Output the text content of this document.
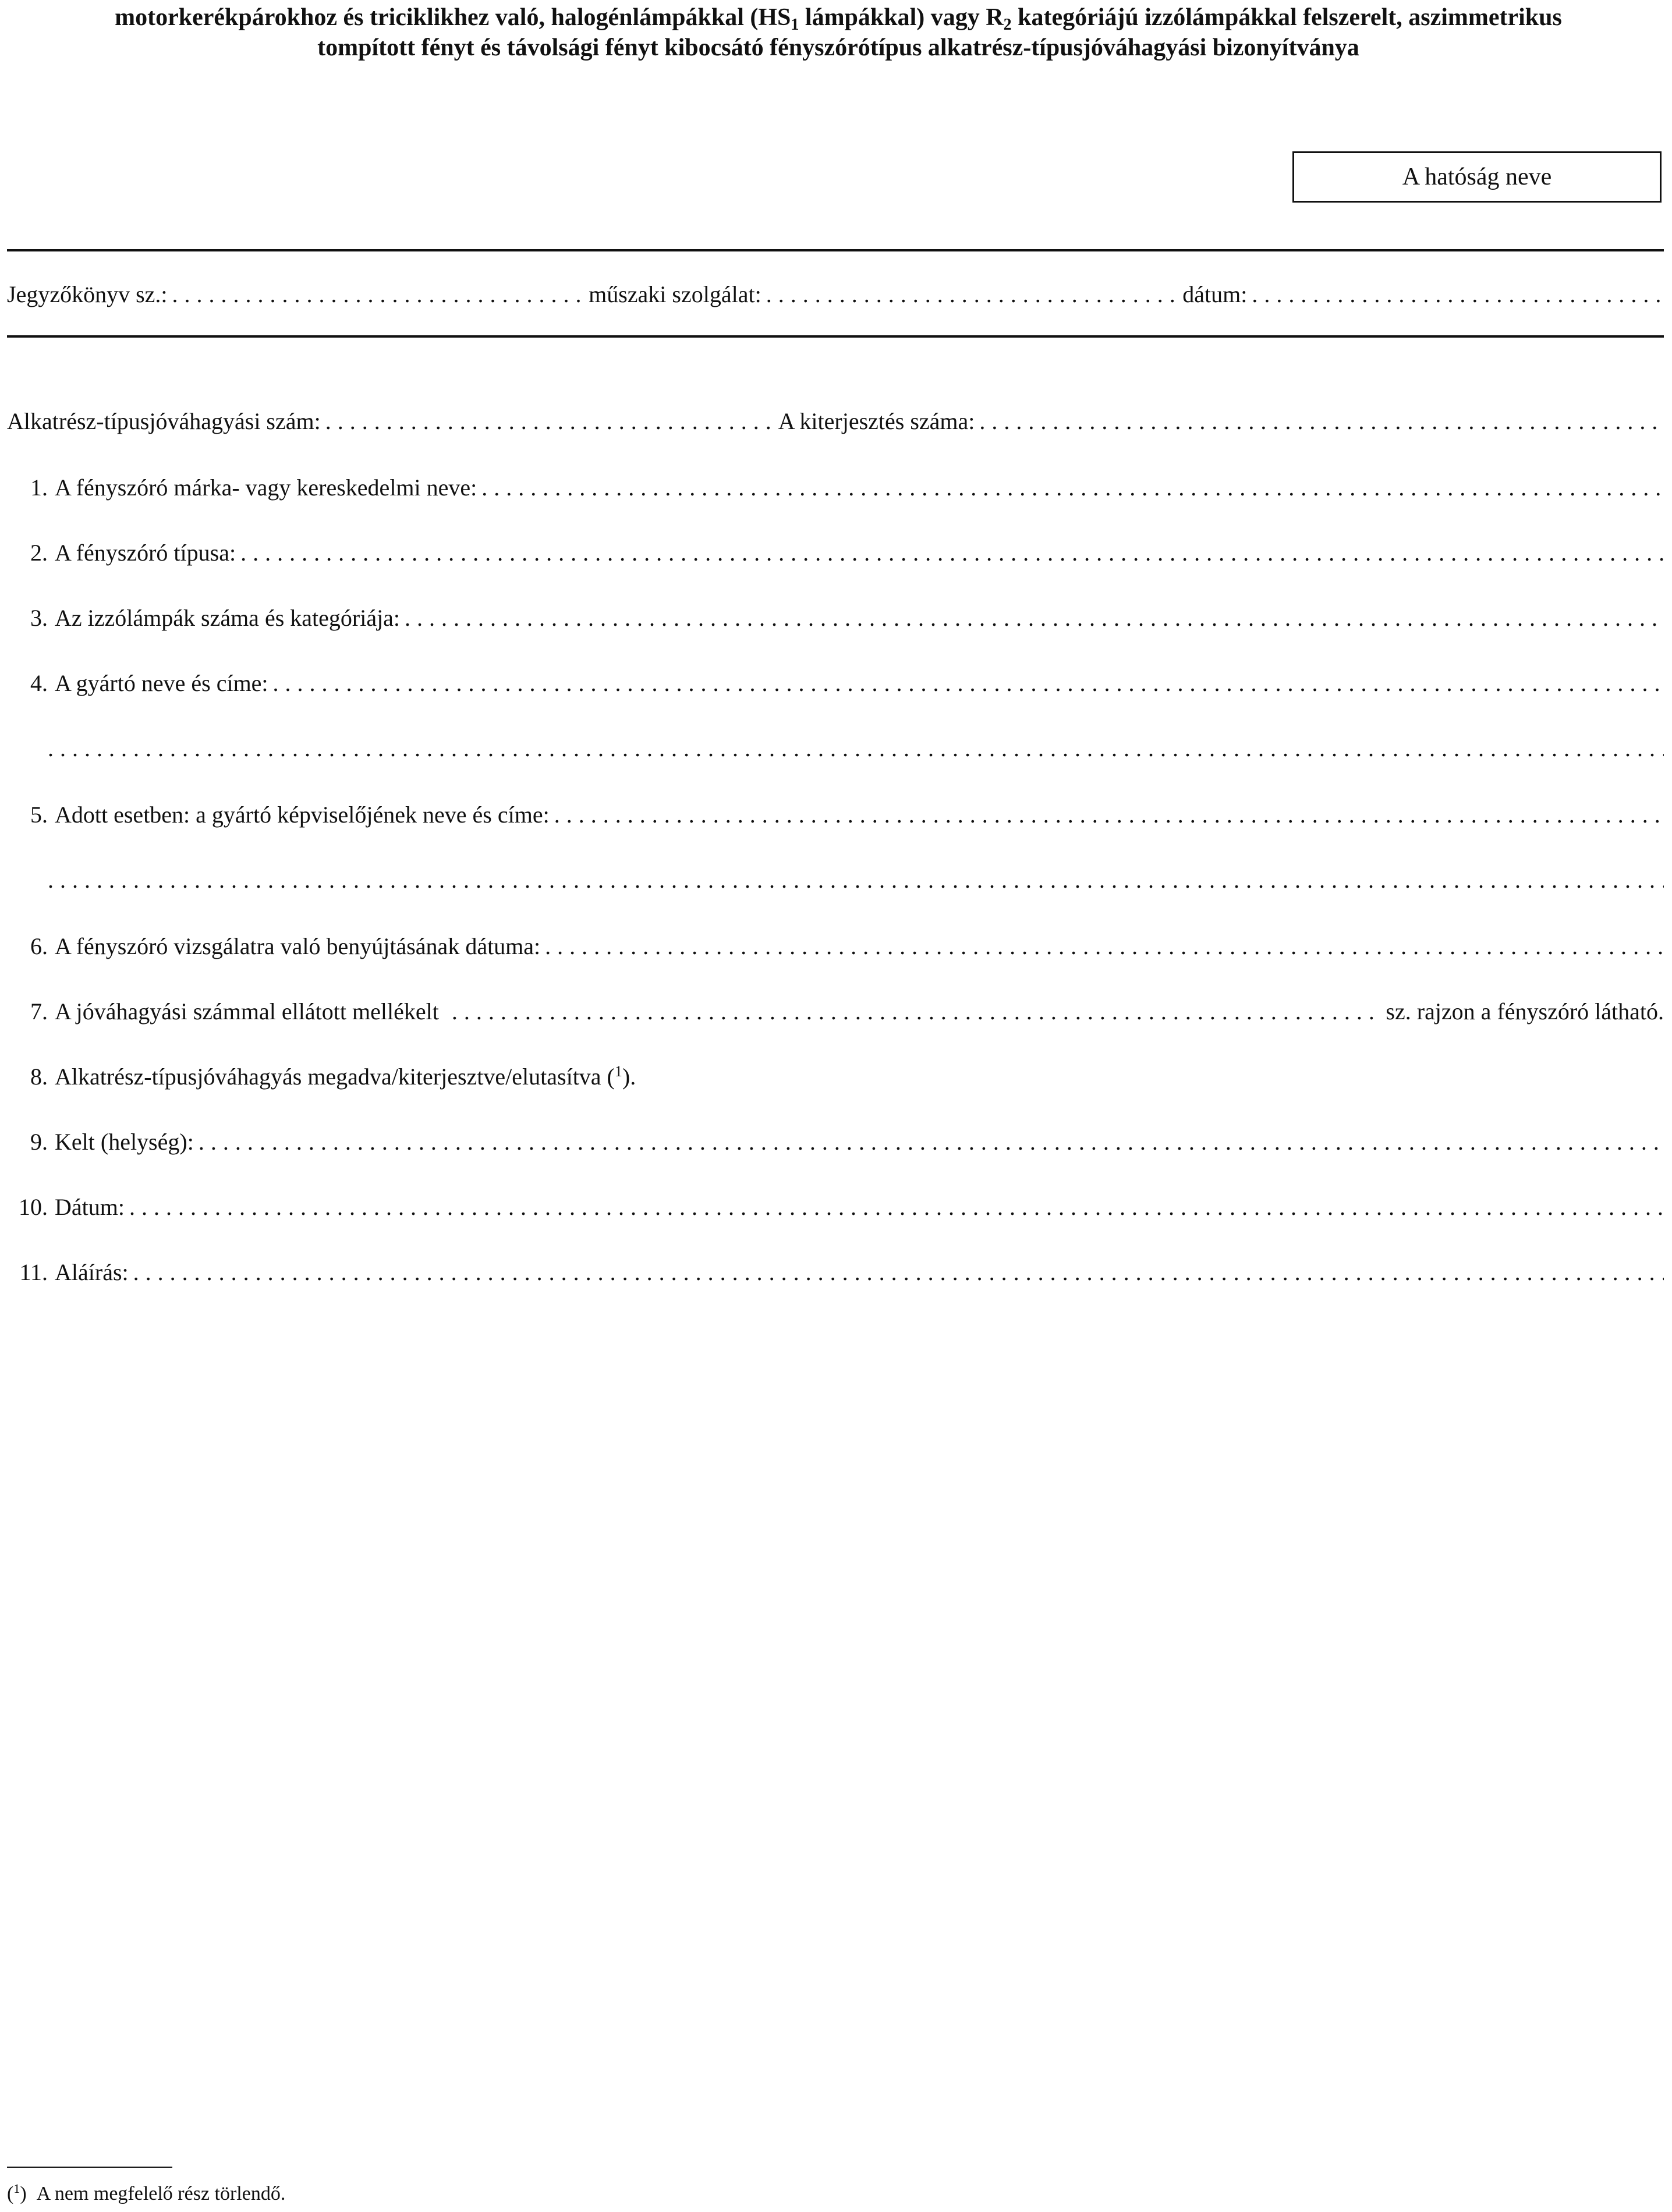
motorkerékpárokhoz és triciklikhez való, halogénlámpákkal ($HS_1$ lámpákkal) vagy $R_2$ kategóriájú izzólámpákkal felszerelt, aszimmetrikus
tompított fényt és távolsági fényt kibocsátó fényszórótípus alkatrész-típusjóváhagyási bizonyítványa
A hatóság neve
Jegyzőkönyv sz.: .....	műszaki szolgálat: .....	dátum:
.....
Alkatrész-típusjóváhagyási szám: .....	A kiterjesztés száma:
.....
1. A fényszóró márka- vagy kereskedelmi neve:
.....
2. A fényszóró típusa:
.....
3. Az izzólámpák száma és kategóriája:
.....
4. A gyártó neve és címe:
.....
.....
5. Adott esetben: a gyártó képviselőjének neve és címe:
.....
.....
6. A fényszóró vizsgálatra való benyújtásának dátuma:
.....
7. A jóváhagyási számmal ellátott mellékelt .....	sz. rajzon a fényszóró látható.
8. Alkatrész-típusjóváhagyás megadva/kiterjesztve/elutasítva ($^1$).
9. Kelt (helység):
.....
10. Dátum:
.....
11. Aláírás:
.....
($^1$) A nem megfelelő rész törlendő.
